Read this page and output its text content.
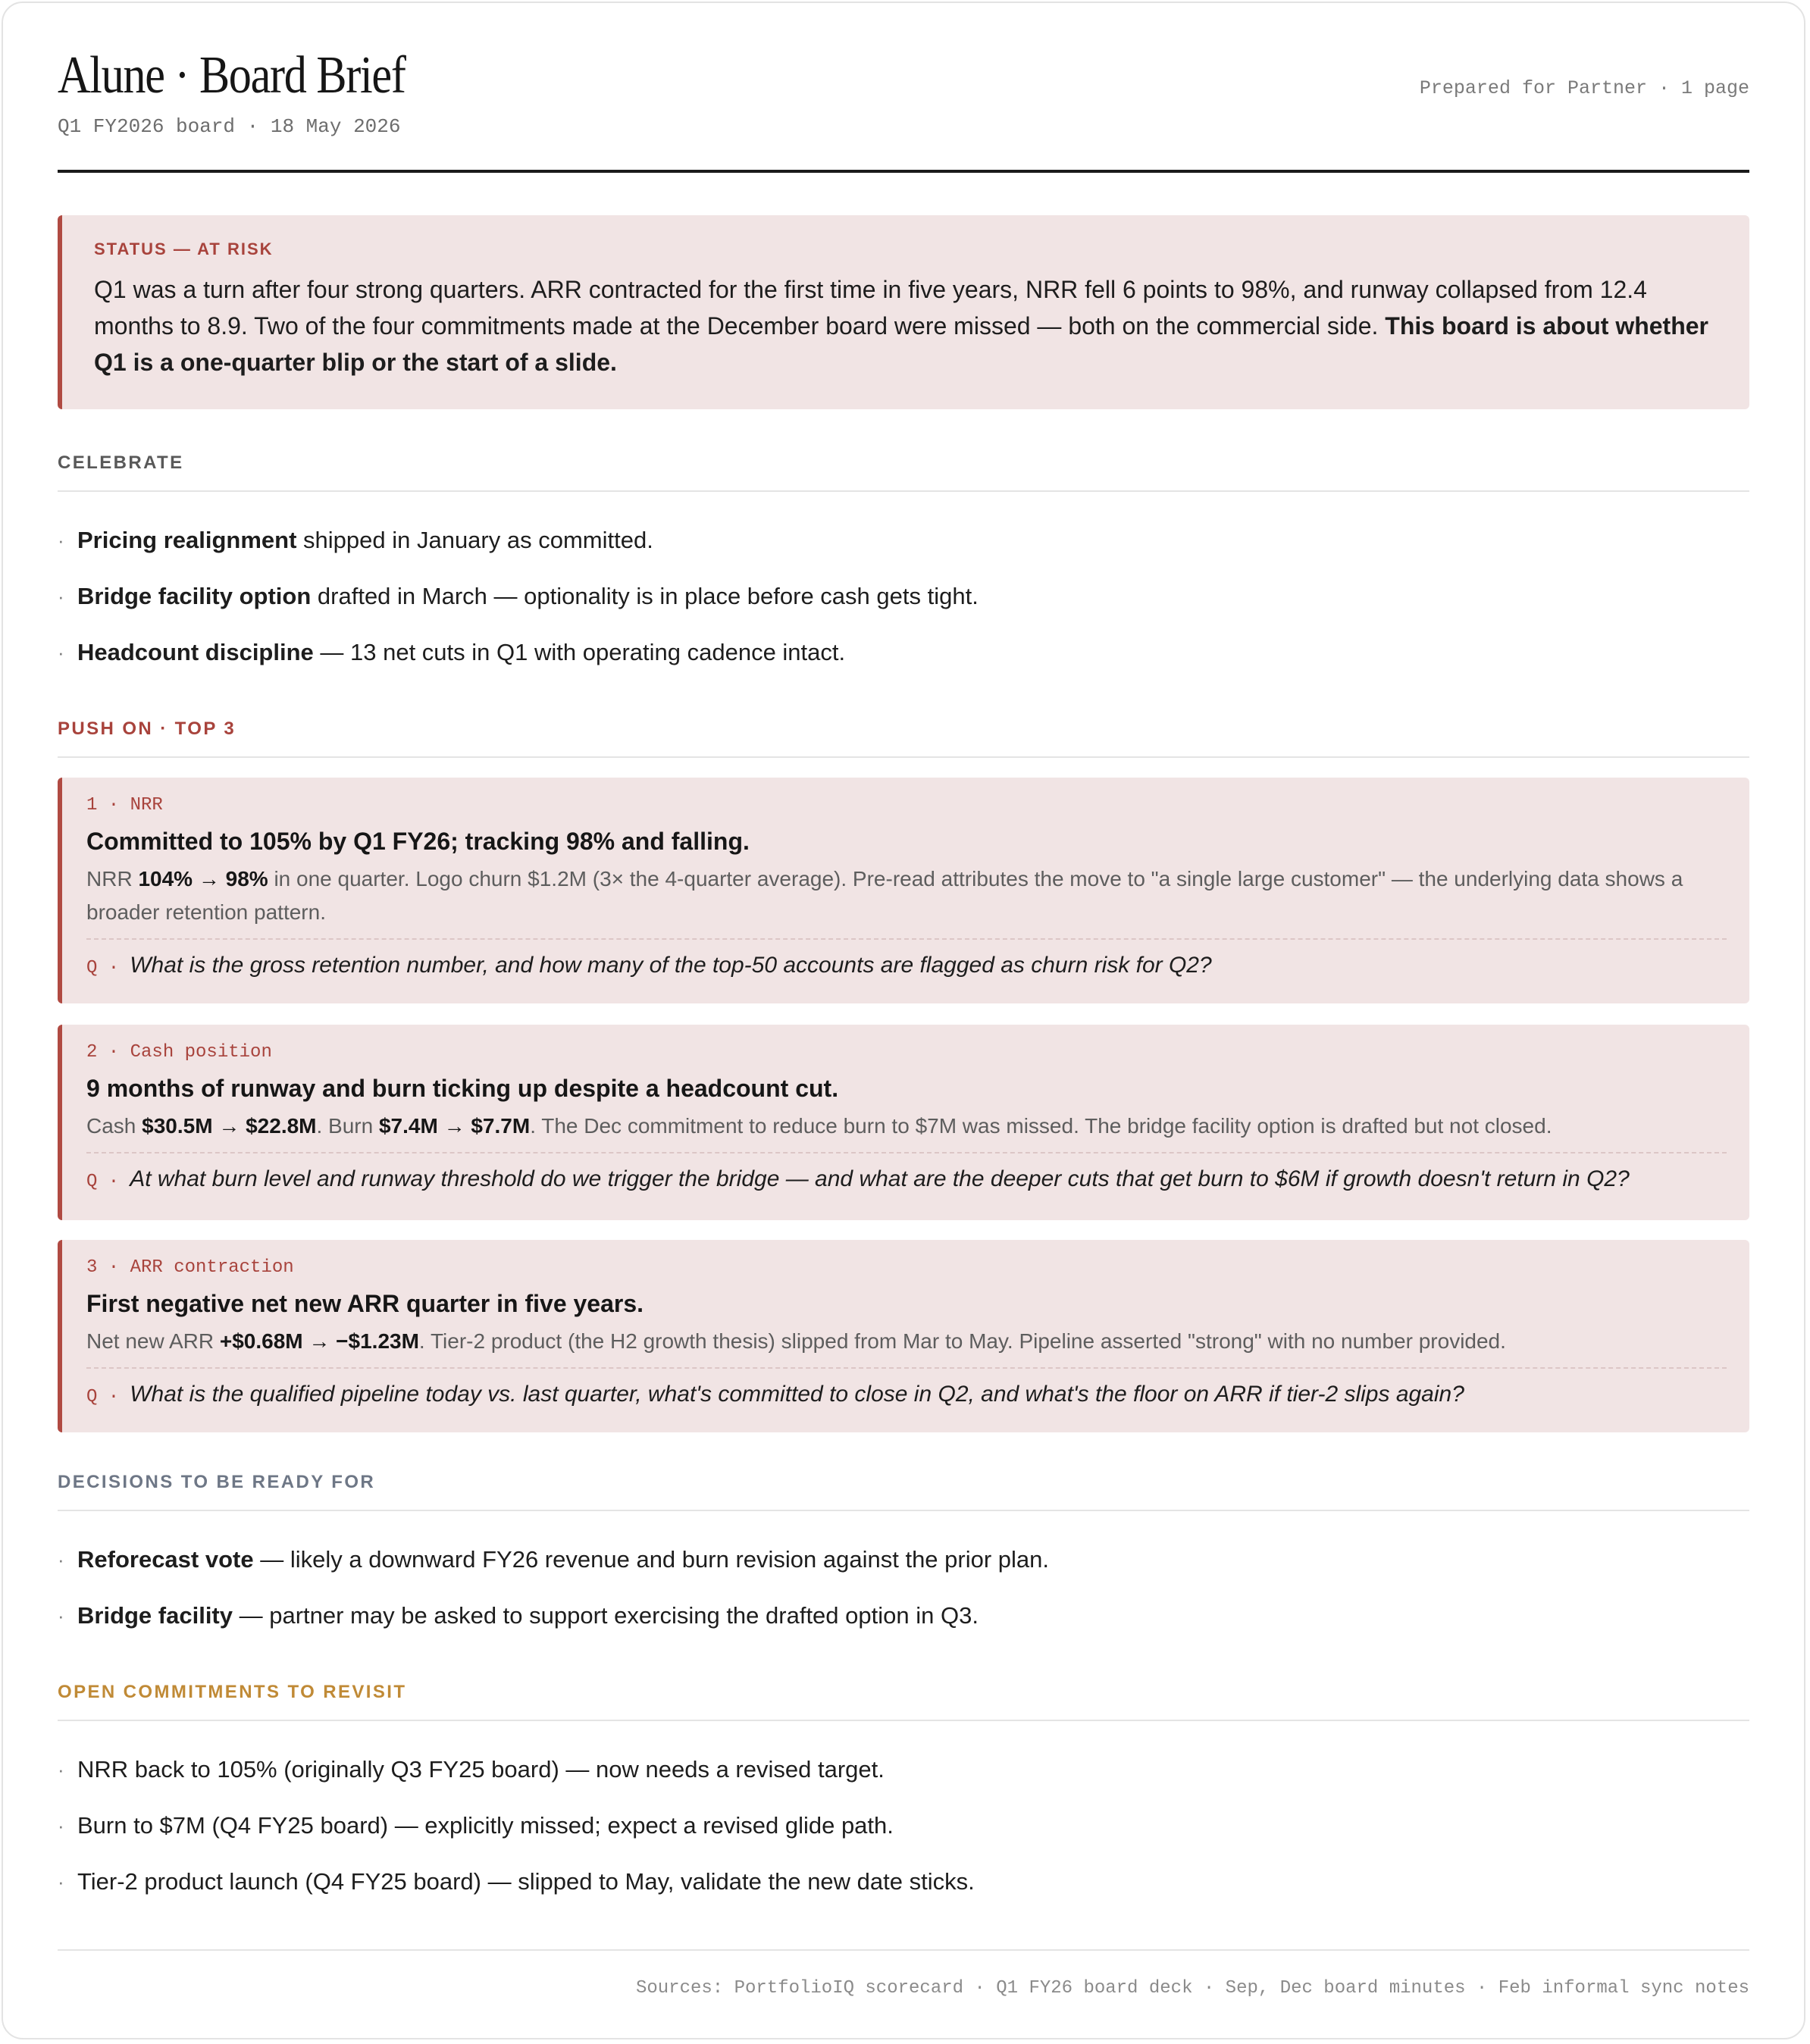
Alune · Board Brief
Q1 FY2026 board · 18 May 2026
Prepared for Partner · 1 page
STATUS — AT RISK
Q1 was a turn after four strong quarters. ARR contracted for the first time in five years, NRR fell 6 points to 98%, and runway collapsed from 12.4 months to 8.9. Two of the four commitments made at the December board were missed — both on the commercial side. This board is about whether Q1 is a one-quarter blip or the start of a slide.
CELEBRATE
· Pricing realignment shipped in January as committed.
· Bridge facility option drafted in March — optionality is in place before cash gets tight.
· Headcount discipline — 13 net cuts in Q1 with operating cadence intact.
PUSH ON · TOP 3
1 · NRR
Committed to 105% by Q1 FY26; tracking 98% and falling.
NRR 104% → 98% in one quarter. Logo churn $1.2M (3× the 4-quarter average). Pre-read attributes the move to "a single large customer" — the underlying data shows a broader retention pattern.
Q · What is the gross retention number, and how many of the top-50 accounts are flagged as churn risk for Q2?
2 · Cash position
9 months of runway and burn ticking up despite a headcount cut.
Cash $30.5M → $22.8M. Burn $7.4M → $7.7M. The Dec commitment to reduce burn to $7M was missed. The bridge facility option is drafted but not closed.
Q · At what burn level and runway threshold do we trigger the bridge — and what are the deeper cuts that get burn to $6M if growth doesn't return in Q2?
3 · ARR contraction
First negative net new ARR quarter in five years.
Net new ARR +$0.68M → −$1.23M. Tier-2 product (the H2 growth thesis) slipped from Mar to May. Pipeline asserted "strong" with no number provided.
Q · What is the qualified pipeline today vs. last quarter, what's committed to close in Q2, and what's the floor on ARR if tier-2 slips again?
DECISIONS TO BE READY FOR
· Reforecast vote — likely a downward FY26 revenue and burn revision against the prior plan.
· Bridge facility — partner may be asked to support exercising the drafted option in Q3.
OPEN COMMITMENTS TO REVISIT
· NRR back to 105% (originally Q3 FY25 board) — now needs a revised target.
· Burn to $7M (Q4 FY25 board) — explicitly missed; expect a revised glide path.
· Tier-2 product launch (Q4 FY25 board) — slipped to May, validate the new date sticks.
Sources: PortfolioIQ scorecard · Q1 FY26 board deck · Sep, Dec board minutes · Feb informal sync notes
